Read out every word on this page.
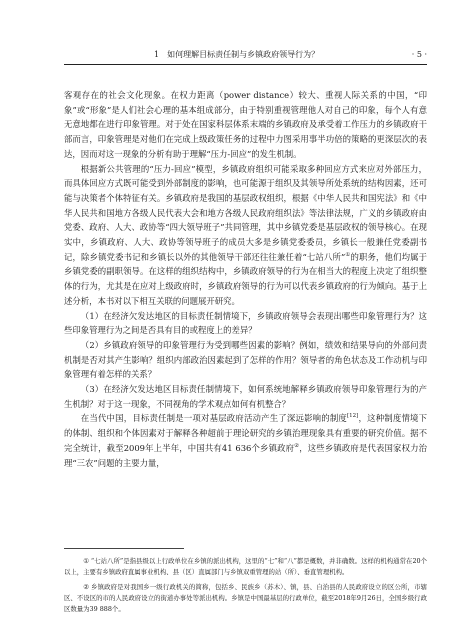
1　如何理解目标责任制与乡镇政府领导行为？	· 5 ·

客观存在的社会文化现象。在权力距离（power distance）较大、重视人际关系的中国，“印象”或“形象”是人们社会心理的基本组成部分，由于特别重视管理他人对自己的印象，每个人有意无意地都在进行印象管理。对于处在国家科层体系末端的乡镇政府及承受着工作压力的乡镇政府干部而言，印象管理是对他们在完成上级政策任务的过程中力图采用事半功倍的策略的更深层次的表达，因而对这一现象的分析有助于理解“压力-回应”的发生机制。

根据新公共管理的“压力-回应”模型，乡镇政府组织可能采取多种回应方式来应对外部压力，而具体回应方式既可能受到外部制度的影响，也可能源于组织及其领导所处系统的结构因素，还可能与决策者个体特征有关。乡镇政府是我国的基层政权组织，根据《中华人民共和国宪法》和《中华人民共和国地方各级人民代表大会和地方各级人民政府组织法》等法律法规，广义的乡镇政府由党委、政府、人大、政协等“四大领导班子”共同管理，其中乡镇党委是基层政权的领导核心。在现实中，乡镇政府、人大、政协等领导班子的成员大多是乡镇党委委员，乡镇长一般兼任党委副书记，除乡镇党委书记和乡镇长以外的其他领导干部还往往兼任着“七站八所”①的职务，他们均属于乡镇党委的副职领导。在这样的组织结构中，乡镇政府领导的行为在相当大的程度上决定了组织整体的行为，尤其是在应对上级政府时，乡镇政府领导的行为可以代表乡镇政府的行为倾向。基于上述分析，本书对以下相互关联的问题展开研究。

（1）在经济欠发达地区的目标责任制情境下，乡镇政府领导会表现出哪些印象管理行为？这些印象管理行为之间是否具有目的或程度上的差异？

（2）乡镇政府领导的印象管理行为受到哪些因素的影响？例如，绩效和结果导向的外部问责机制是否对其产生影响？组织内部政治因素起到了怎样的作用？领导者的角色状态及工作动机与印象管理有着怎样的关系？

（3）在经济欠发达地区目标责任制情境下，如何系统地解释乡镇政府领导印象管理行为的产生机制？对于这一现象，不同视角的学术观点如何有机整合？

在当代中国，目标责任制是一项对基层政府活动产生了深远影响的制度[12]，这种制度情境下的体制、组织和个体因素对于解释各种超前于理论研究的乡镇治理现象具有重要的研究价值。据不完全统计，截至2009年上半年，中国共有41 636个乡镇政府②，这些乡镇政府是代表国家权力治理“三农”问题的主要力量，

① “七站八所”是指县级以上行政单位在乡镇的派出机构，这里的“七”和“八”都是概数，并非确数。这样的机构通常在20个以上，主要有乡镇政府直属事业机构、县（区）直属部门与乡镇双重管理的站（所）、垂直管理机构。

② 乡镇政府是对我国乡一级行政机关的简称，包括乡、民族乡（苏木）、镇，县、自治县的人民政府设立的区公所，市辖区、不设区的市的人民政府设立的街道办事处等派出机构。乡镇是中国最基层的行政单位，截至2018年9月26日，全国乡级行政区数量为39 888个。
